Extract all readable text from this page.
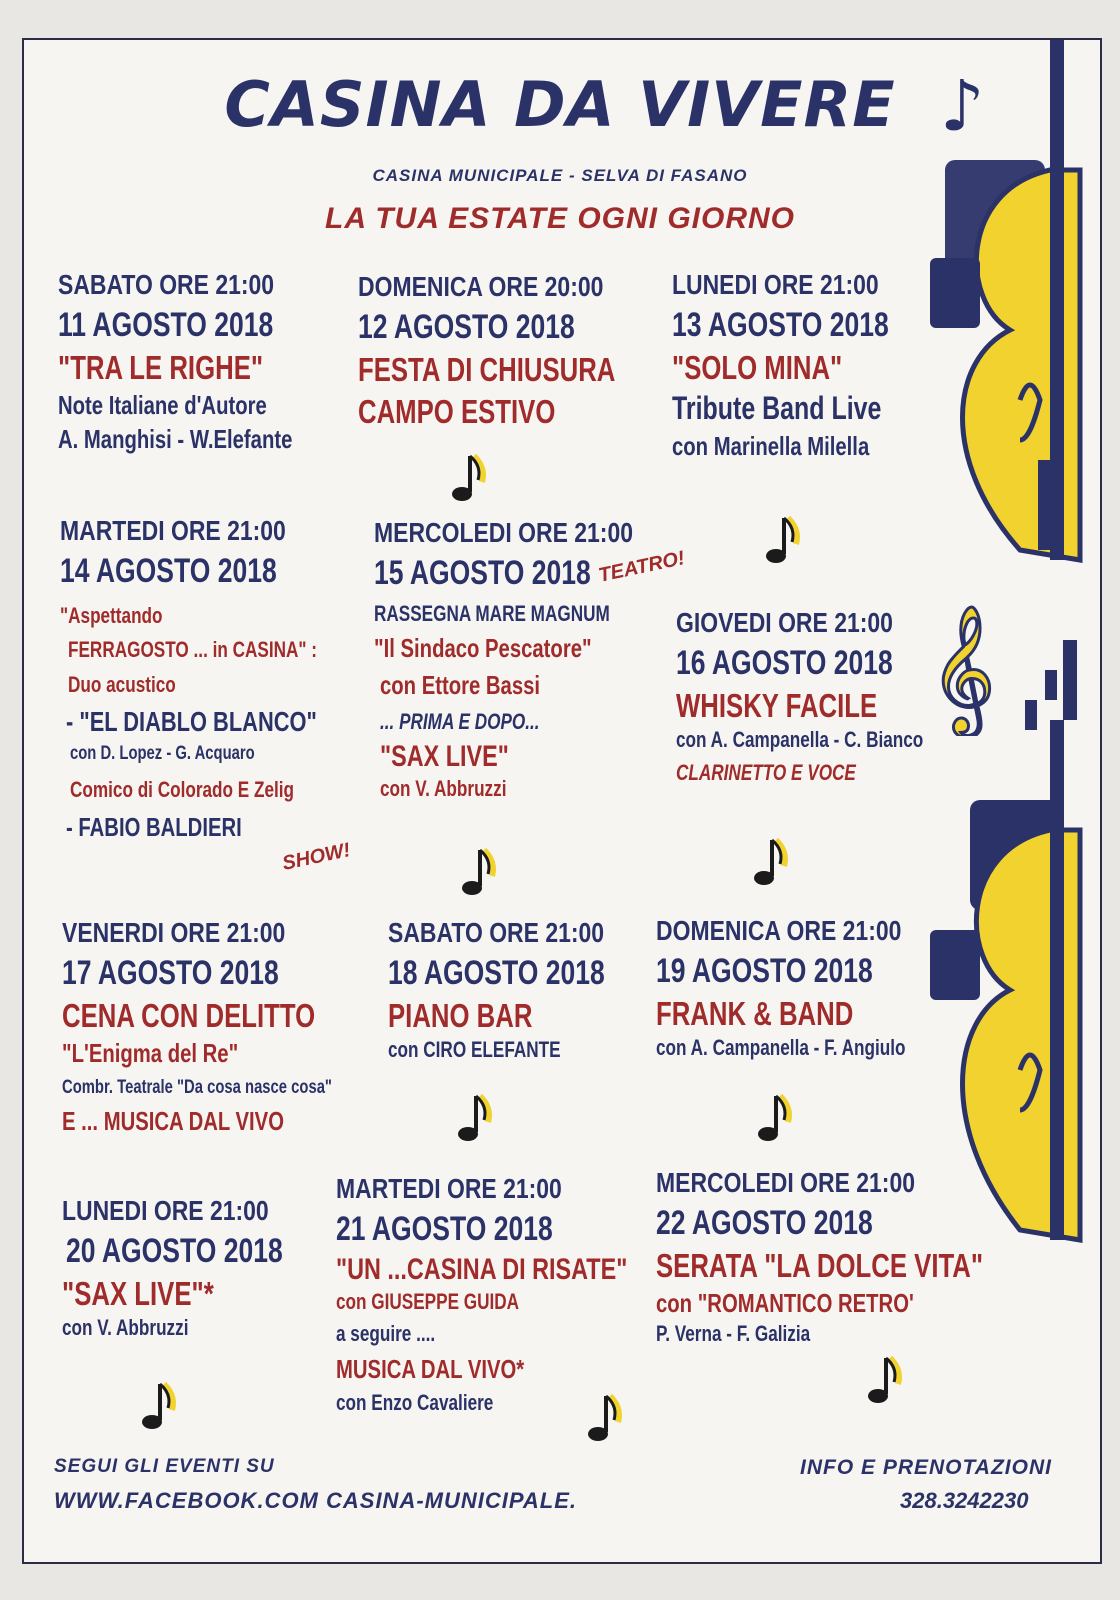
♪
𝄞
CASINA DA VIVERE
CASINA MUNICIPALE - SELVA DI FASANO
LA TUA ESTATE OGNI GIORNO
SABATO ORE 21:00
11 AGOSTO 2018
"TRA LE RIGHE"
Note Italiane d'Autore
A. Manghisi - W.Elefante
DOMENICA ORE 20:00
12 AGOSTO 2018
FESTA DI CHIUSURA
CAMPO ESTIVO
LUNEDI ORE 21:00
13 AGOSTO 2018
"SOLO MINA"
Tribute Band Live
con Marinella Milella
MARTEDI ORE 21:00
14 AGOSTO 2018
"Aspettando
FERRAGOSTO ... in CASINA" :
Duo acustico
- "EL DIABLO BLANCO"
con D. Lopez - G. Acquaro
Comico di Colorado E Zelig
- FABIO BALDIERI
SHOW!
MERCOLEDI ORE 21:00
15 AGOSTO 2018
RASSEGNA MARE MAGNUM
"Il Sindaco Pescatore"
con Ettore Bassi
... PRIMA E DOPO...
"SAX LIVE"
con V. Abbruzzi
TEATRO!
GIOVEDI ORE 21:00
16 AGOSTO 2018
WHISKY FACILE
con A. Campanella - C. Bianco
CLARINETTO E VOCE
VENERDI ORE 21:00
17 AGOSTO 2018
CENA CON DELITTO
"L'Enigma del Re"
Combr. Teatrale "Da cosa nasce cosa"
E ... MUSICA DAL VIVO
SABATO ORE 21:00
18 AGOSTO 2018
PIANO BAR
con CIRO ELEFANTE
DOMENICA ORE 21:00
19 AGOSTO 2018
FRANK & BAND
con A. Campanella - F. Angiulo
LUNEDI ORE 21:00
20 AGOSTO 2018
"SAX LIVE"*
con V. Abbruzzi
MARTEDI ORE 21:00
21 AGOSTO 2018
"UN ...CASINA DI RISATE"
con GIUSEPPE GUIDA
a seguire ....
MUSICA DAL VIVO*
con Enzo Cavaliere
MERCOLEDI ORE 21:00
22 AGOSTO 2018
SERATA "LA DOLCE VITA"
con "ROMANTICO RETRO'
P. Verna - F. Galizia
SEGUI GLI EVENTI SU
WWW.FACEBOOK.COM CASINA-MUNICIPALE.
INFO E PRENOTAZIONI
328.3242230
